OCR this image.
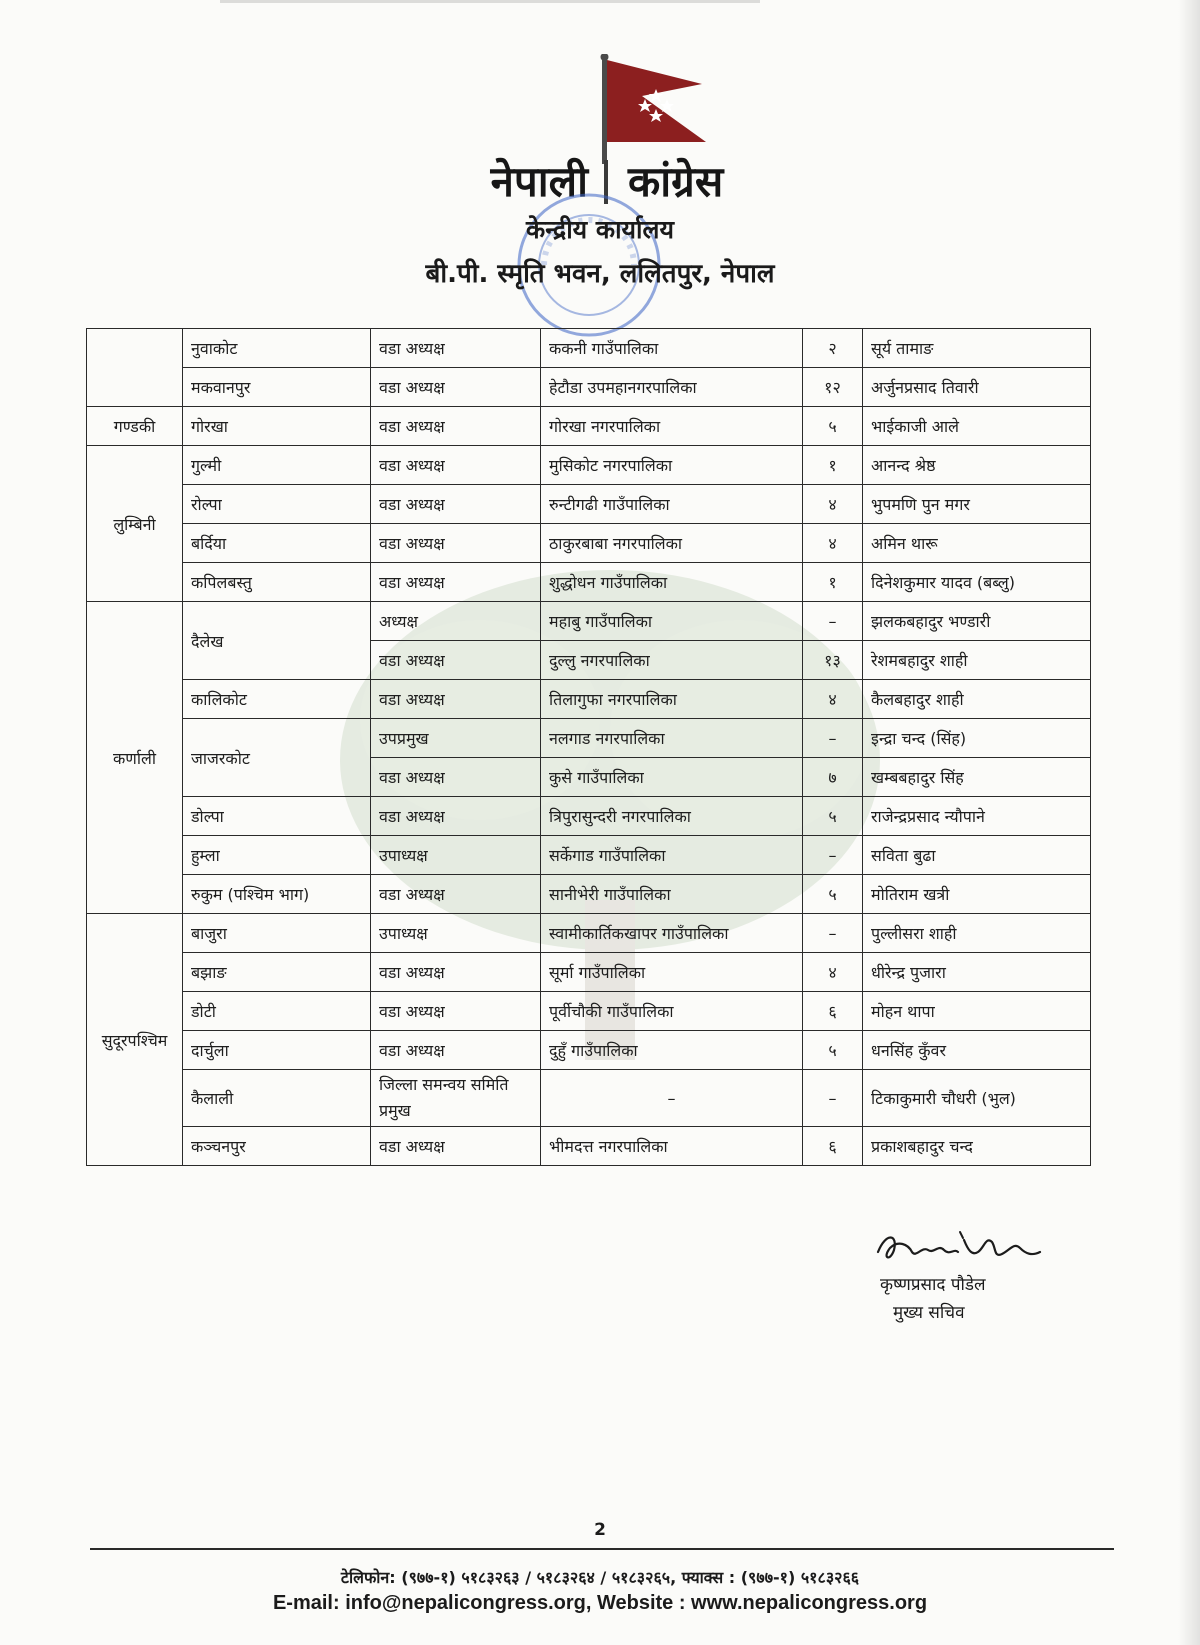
नेपाली कांग्रेस
केन्द्रीय कार्यालय
बी.पी. स्मृति भवन, ललितपुर, नेपाल
	नुवाकोट	वडा अध्यक्ष	ककनी गाउँपालिका	२	सूर्य तामाङ
	मकवानपुर	वडा अध्यक्ष	हेटौडा उपमहानगरपालिका	१२	अर्जुनप्रसाद तिवारी
गण्डकी	गोरखा	वडा अध्यक्ष	गोरखा नगरपालिका	५	भाईकाजी आले
लुम्बिनी	गुल्मी	वडा अध्यक्ष	मुसिकोट नगरपालिका	१	आनन्द श्रेष्ठ
	रोल्पा	वडा अध्यक्ष	रुन्टीगढी गाउँपालिका	४	भुपमणि पुन मगर
	बर्दिया	वडा अध्यक्ष	ठाकुरबाबा नगरपालिका	४	अमिन थारू
	कपिलबस्तु	वडा अध्यक्ष	शुद्धोधन गाउँपालिका	१	दिनेशकुमार यादव (बब्लु)
कर्णाली	दैलेख	अध्यक्ष	महाबु गाउँपालिका	–	झलकबहादुर भण्डारी
		वडा अध्यक्ष	दुल्लु नगरपालिका	१३	रेशमबहादुर शाही
	कालिकोट	वडा अध्यक्ष	तिलागुफा नगरपालिका	४	कैलबहादुर शाही
	जाजरकोट	उपप्रमुख	नलगाड नगरपालिका	–	इन्द्रा चन्द (सिंह)
		वडा अध्यक्ष	कुसे गाउँपालिका	७	खम्बबहादुर सिंह
	डोल्पा	वडा अध्यक्ष	त्रिपुरासुन्दरी नगरपालिका	५	राजेन्द्रप्रसाद न्यौपाने
	हुम्ला	उपाध्यक्ष	सर्केगाड गाउँपालिका	–	सविता बुढा
	रुकुम (पश्चिम भाग)	वडा अध्यक्ष	सानीभेरी गाउँपालिका	५	मोतिराम खत्री
सुदूरपश्चिम	बाजुरा	उपाध्यक्ष	स्वामीकार्तिकखापर गाउँपालिका	–	पुल्लीसरा शाही
	बझाङ	वडा अध्यक्ष	सूर्मा गाउँपालिका	४	धीरेन्द्र पुजारा
	डोटी	वडा अध्यक्ष	पूर्वीचौकी गाउँपालिका	६	मोहन थापा
	दार्चुला	वडा अध्यक्ष	दुहुँ गाउँपालिका	५	धनसिंह कुँवर
	कैलाली	जिल्ला समन्वय समिति प्रमुख	–	–	टिकाकुमारी चौधरी (भुल)
	कञ्चनपुर	वडा अध्यक्ष	भीमदत्त नगरपालिका	६	प्रकाशबहादुर चन्द
कृष्णप्रसाद पौडेल
मुख्य सचिव
2
टेलिफोन: (९७७-१) ५१८३२६३ / ५१८३२६४ / ५१८३२६५, फ्याक्स : (९७७-१) ५१८३२६६
E-mail: info@nepalicongress.org, Website : www.nepalicongress.org
